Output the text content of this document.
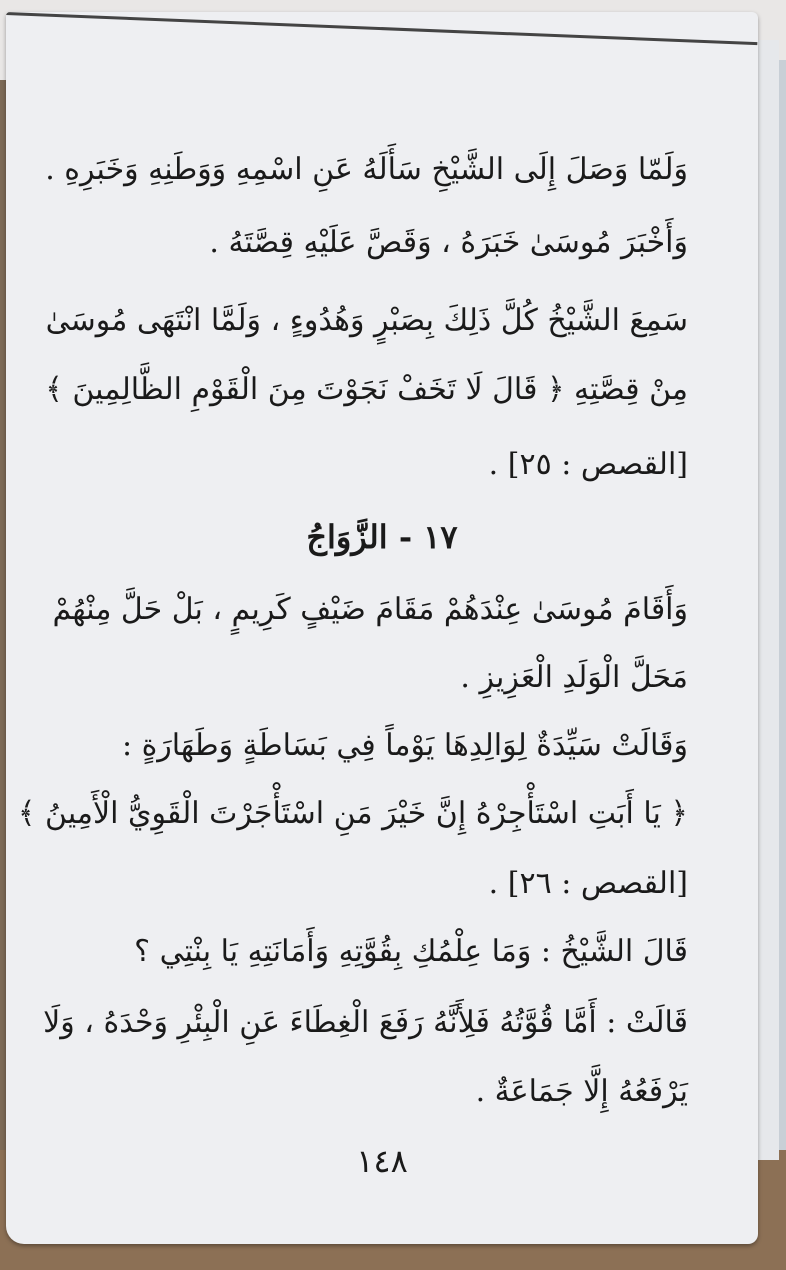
وَلَمّا وَصَلَ إِلَى الشَّيْخِ سَأَلَهُ عَنِ اسْمِهِ وَوَطَنِهِ وَخَبَرِهِ .
وَأَخْبَرَ مُوسَىٰ خَبَرَهُ ، وَقَصَّ عَلَيْهِ قِصَّتَهُ .
سَمِعَ الشَّيْخُ كُلَّ ذَلِكَ بِصَبْرٍ وَهُدُوءٍ ، وَلَمَّا انْتَهَى مُوسَىٰ
مِنْ قِصَّتِهِ ﴿ قَالَ لَا تَخَفْ نَجَوْتَ مِنَ الْقَوْمِ الظَّالِمِينَ ﴾
[القصص : ٢٥] .
١٧ - الزَّوَاجُ
وَأَقَامَ مُوسَىٰ عِنْدَهُمْ مَقَامَ ضَيْفٍ كَرِيمٍ ، بَلْ حَلَّ مِنْهُمْ
مَحَلَّ الْوَلَدِ الْعَزِيزِ .
وَقَالَتْ سَيِّدَةٌ لِوَالِدِهَا يَوْماً فِي بَسَاطَةٍ وَطَهَارَةٍ :
﴿ يَا أَبَتِ اسْتَأْجِرْهُ إِنَّ خَيْرَ مَنِ اسْتَأْجَرْتَ الْقَوِيُّ الْأَمِينُ ﴾
[القصص : ٢٦] .
قَالَ الشَّيْخُ : وَمَا عِلْمُكِ بِقُوَّتِهِ وَأَمَانَتِهِ يَا بِنْتِي ؟
قَالَتْ : أَمَّا قُوَّتُهُ فَلِأَنَّهُ رَفَعَ الْغِطَاءَ عَنِ الْبِئْرِ وَحْدَهُ ، وَلَا
يَرْفَعُهُ إِلَّا جَمَاعَةٌ .
١٤٨
